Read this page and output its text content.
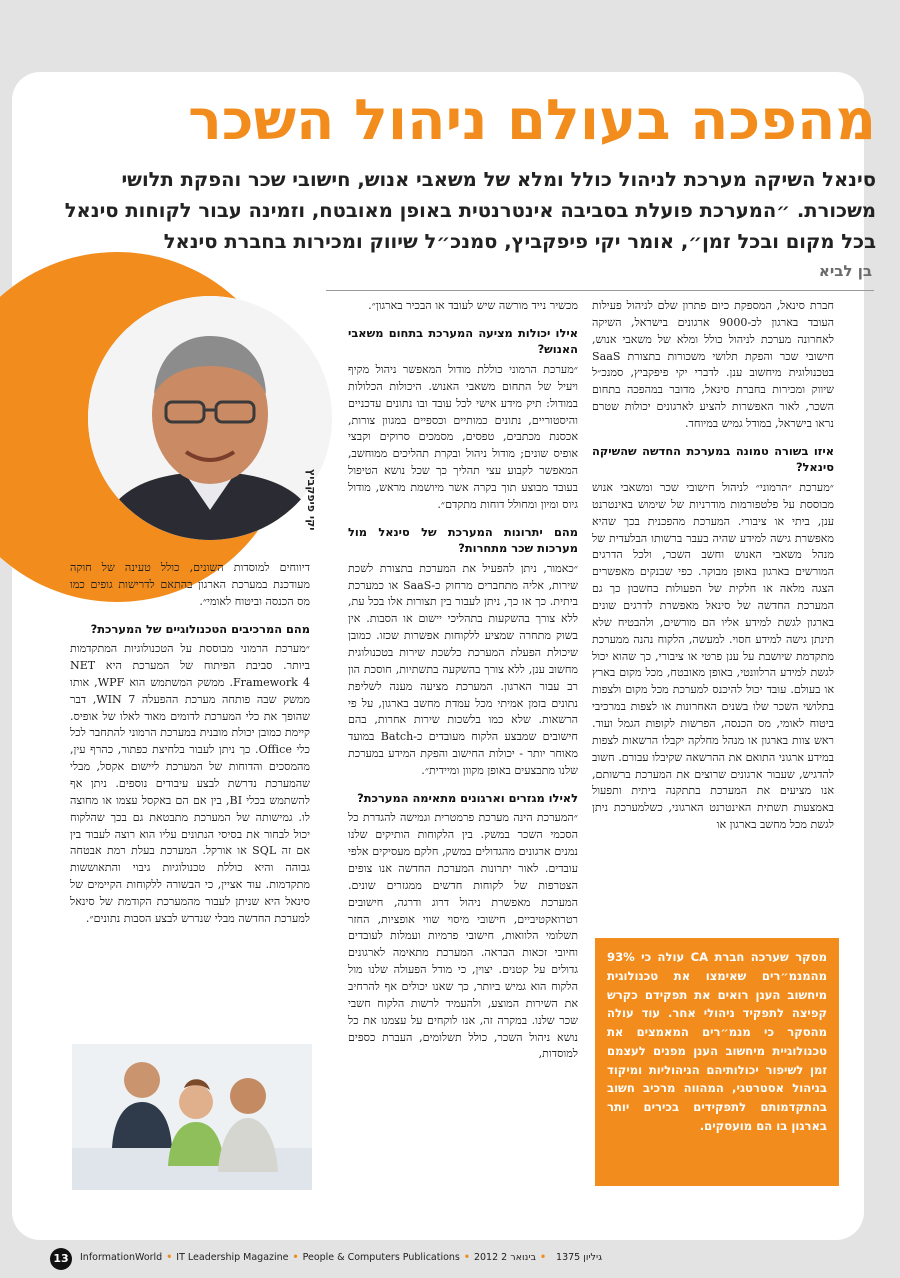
יקי פיפקביץ
מהפכה בעולם ניהול השכר

סינאל השיקה מערכת לניהול כולל ומלא של משאבי אנוש, חישובי שכר והפקת תלושי משכורת. ״המערכת פועלת בסביבה אינטרנטית באופן מאובטח, וזמינה עבור לקוחות סינאל בכל מקום ובכל זמן״, אומר יקי פיפקביץ, סמנכ״ל שיווק ומכירות בחברת סינאל

בן לביא

חברת סינאל, המספקת כיום פתרון שלם לניהול פעילות העובד בארגון לכ-9000 ארגונים בישראל, השיקה לאחרונה מערכת לניהול כולל ומלא של משאבי אנוש, חישובי שכר והפקת תלושי משכורות בתצורת SaaS בטכנולוגית מיחשוב ענן. לדברי יקי פיפקביץ, סמנכ״ל שיווק ומכירות בחברת סינאל, מדובר במהפכה בתחום השכר, לאור האפשרות להציע לארגונים יכולות שטרם נראו בישראל, במודל גמיש במיוחד.

איזו בשורה טמונה במערכת החדשה שהשיקה סינאל?

״מערכת ״הרמוני״ לניהול חישובי שכר ומשאבי אנוש מבוססת על פלטפורמות מודרניות של שימוש באינטרנט ענן, ביתי או ציבורי. המערכת מהפכנית בכך שהיא מאפשרת גישה למידע שהיה בעבר ברשותו הבלעדית של מנהל משאבי האנוש וחשב השכר, ולכל הדרגים המורשים בארגון באופן מבוקר. כפי שבנקים מאפשרים הצגה מלאה או חלקית של הפעולות בחשבון כך גם המערכת החדשה של סינאל מאפשרת לדרגים שונים בארגון לגשת למידע אליו הם מורשים, ולהבטיח שלא תינתן גישה למידע חסוי. למעשה, הלקוח נהנה ממערכת מתקדמת שיושבת על ענן פרטי או ציבורי, כך שהוא יכול לגשת למידע הרלוונטי, באופן מאובטח, מכל מקום בארץ או בעולם. עובד יכול להיכנס למערכת מכל מקום ולצפות בתלושי השכר שלו בשנים האחרונות או לצפות במרכיבי ביטוח לאומי, מס הכנסה, הפרשות לקופות הגמל ועוד. ראש צוות בארגון או מנהל מחלקה יקבלו הרשאות לצפות במידע ארגוני התואם את ההרשאה שקיבלו עבורם. חשוב להדגיש, שעבור ארגונים שרוצים את המערכת ברשותם, אנו מציעים את המערכת בתתקנה ביתית ותפעול באמצעות תשתית האינטרנט הארגוני, כשלמערכת ניתן לגשת מכל מחשב בארגון או

מכשיר נייד מורשה שיש לעובד או הבכיר בארגון״.

אילו יכולות מציעה המערכת בתחום משאבי האנוש?

״מערכת הרמוני כוללת מודול המאפשר ניהול מקיף ויעיל של התחום משאבי האנוש. היכולות הכלולות במודול: תיק מידע אישי לכל עובד ובו נתונים עדכניים והיסטוריים, נתונים כמותיים וכספיים במגוון צורות, אכסנת מכתבים, טפסים, מסמכים סרוקים וקבצי אופיס שונים; מודול ניהול ובקרת תהליכים ממוחשב, המאפשר לקבוע עצי תהליך כך שכל נושא הטיפול בעובד מבוצע תוך בקרה אשר מיושמת מראש, מודול גיוס ומיון ומחולל דוחות מתקדם״.

מהם יתרונות המערכת של סינאל מול מערכות שכר מתחרות?

״כאמור, ניתן להפעיל את המערכת בתצורת לשכת שירות, אליה מתחברים מרחוק כ-SaaS או כמערכת ביתית. כך או כך, ניתן לעבור בין תצורות אלו בכל עת, ללא צורך בהשקעות בתהליכי יישום או הסבות. אין בשוק מתחרה שמציע ללקוחות אפשרות שכזו. כמובן שיכולת הפעלת המערכת כלשכת שירות בטכנולוגית מחשוב ענן, ללא צורך בהשקעה בתשתיות, חוסכת הון רב עבור הארגון. המערכת מציעה מענה לשליפת נתונים בזמן אמיתי מכל עמדת מחשב בארגון, על פי הרשאות. שלא כמו בלשכות שירות אחרות, בהם חישובים שמבצע הלקוח מעובדים כ-Batch במועד מאוחר יותר - יכולות החישוב והפקת המידע במערכת שלנו מתבצעים באופן מקוון ומיידית״.

לאילו מגזרים וארגונים מתאימה המערכת?

״המערכת הינה מערכת פרמטרית וגמישה להגדרת כל הסכמי השכר במשק. בין הלקוחות הותיקים שלנו נמנים ארגונים מהגדולים במשק, חלקם מעסיקים אלפי עובדים. לאור יתרונות המערכת החדשה אנו צופים הצטרפות של לקוחות חדשים ממגזרים שונים. המערכת מאפשרת ניהול דרוג ודרגה, חישובים רטרואקטיביים, חישובי מיסוי שווי אופציות, החזר תשלומי הלוואות, חישובי פרמיות ועמלות לעובדים וחיובי זכאות הבראה. המערכת מתאימה לארגונים גדולים על קטנים. יצוין, כי מודל הפעולה שלנו מול הלקוח הוא גמיש ביותר, כך שאנו יכולים אף להרחיב את השירות המוצע, ולהעמיד לרשות הלקוח חשבי שכר שלנו. במקרה זה, אנו לוקחים על עצמנו את כל נושא ניהול השכר, כולל תשלומים, העברת כספים למוסדות,

דיווחים למוסדות השונים, כולל טעינה של חוקה מעודכנת במערכת הארגון בהתאם לדרישות גופים כמו מס הכנסה וביטוח לאומי״.

מהם המרכיבים הטכנולוגיים של המערכת?

״מערכת הרמוני מבוססת על הטכנולוגיות המתקדמות ביותר. סביבת הפיתוח של המערכת היא NET Framework 4. ממשק המשתמש הוא WPF, אותו ממשק שבה פותחה מערכת ההפעלה WIN 7, דבר שהופך את כלי המערכת לדומים מאוד לאלו של אופיס. קיימת כמובן יכולת מובנית במערכת הרמוני להתחבר לכל כלי Office. כך ניתן לעבור בלחיצת כפתור, כהרף עין, מהמסכים והדוחות של המערכת ליישום אקסל, מבלי שהמערכת נדרשת לבצע עיבודים נוספים. ניתן אף להשתמש בכלי BI, בין אם הם באקסל עצמו או מחוצה לו. גמישותה של המערכת מתבטאת גם בכך שהלקוח יכול לבחור את בסיסי הנתונים עליו הוא רוצה לעבוד בין אם זה SQL או אורקל. המערכת בעלת רמת אבטחה גבוהה והיא כוללת טכנולוגיות גיבוי והתאוששות מתקדמות. עוד אציין, כי הבשורה ללקוחות הקיימים של סינאל היא שניתן לעבור מהמערכת הקודמת של סינאל למערכת החדשה מבלי שנדרש לבצע הסבות נתונים״.

מסקר שערכה חברת CA עולה כי 93% מהמנמ״רים שאימצו את טכנולוגית מיחשוב הענן רואים את תפקידם כקרש קפיצה לתפקיד ניהולי אחר. עוד עולה מהסקר כי מנמ״רים המאמצים את טכנולוגיית מיחשוב הענן מפנים לעצמם זמן לשיפור יכולותיהם הניהוליות ומיקוד בניהול אסטרטגי, המהווה מרכיב חשוב בהתקדמותם לתפקידים בכירים יותר בארגון בו הם מועסקים.

13	InformationWorld • IT Leadership Magazine • People & Computers Publications • 2012 בינואר 2 • גיליון 1375
